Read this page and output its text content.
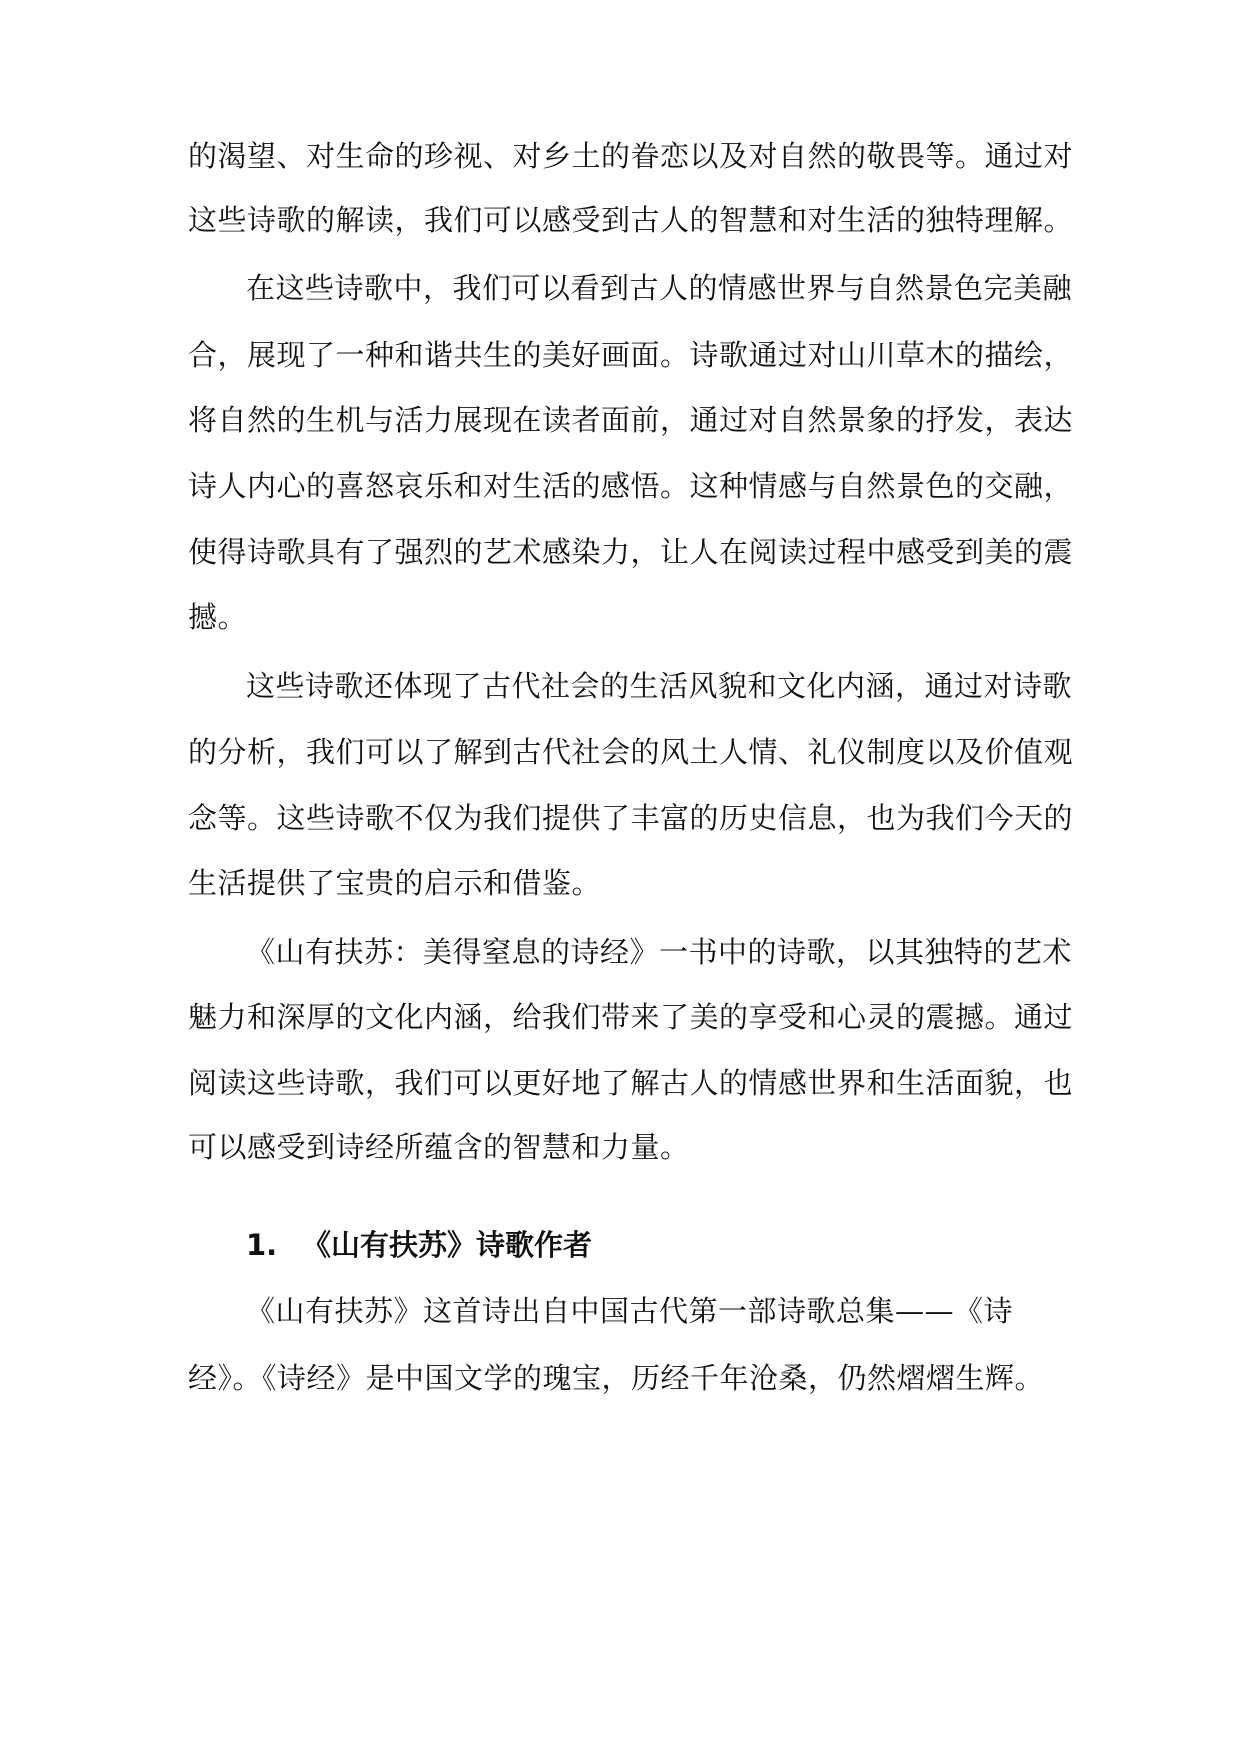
的渴望、对生命的珍视、对乡土的眷恋以及对自然的敬畏等。通过对
这些诗歌的解读，我们可以感受到古人的智慧和对生活的独特理解。
在这些诗歌中，我们可以看到古人的情感世界与自然景色完美融
合，展现了一种和谐共生的美好画面。诗歌通过对山川草木的描绘，
将自然的生机与活力展现在读者面前，通过对自然景象的抒发，表达
诗人内心的喜怒哀乐和对生活的感悟。这种情感与自然景色的交融，
使得诗歌具有了强烈的艺术感染力，让人在阅读过程中感受到美的震
撼。
这些诗歌还体现了古代社会的生活风貌和文化内涵，通过对诗歌
的分析，我们可以了解到古代社会的风土人情、礼仪制度以及价值观
念等。这些诗歌不仅为我们提供了丰富的历史信息，也为我们今天的
生活提供了宝贵的启示和借鉴。
《山有扶苏：美得窒息的诗经》一书中的诗歌，以其独特的艺术
魅力和深厚的文化内涵，给我们带来了美的享受和心灵的震撼。通过
阅读这些诗歌，我们可以更好地了解古人的情感世界和生活面貌，也
可以感受到诗经所蕴含的智慧和力量。
1. 《山有扶苏》诗歌作者
《山有扶苏》这首诗出自中国古代第一部诗歌总集——《诗
经》。《诗经》是中国文学的瑰宝，历经千年沧桑，仍然熠熠生辉。
